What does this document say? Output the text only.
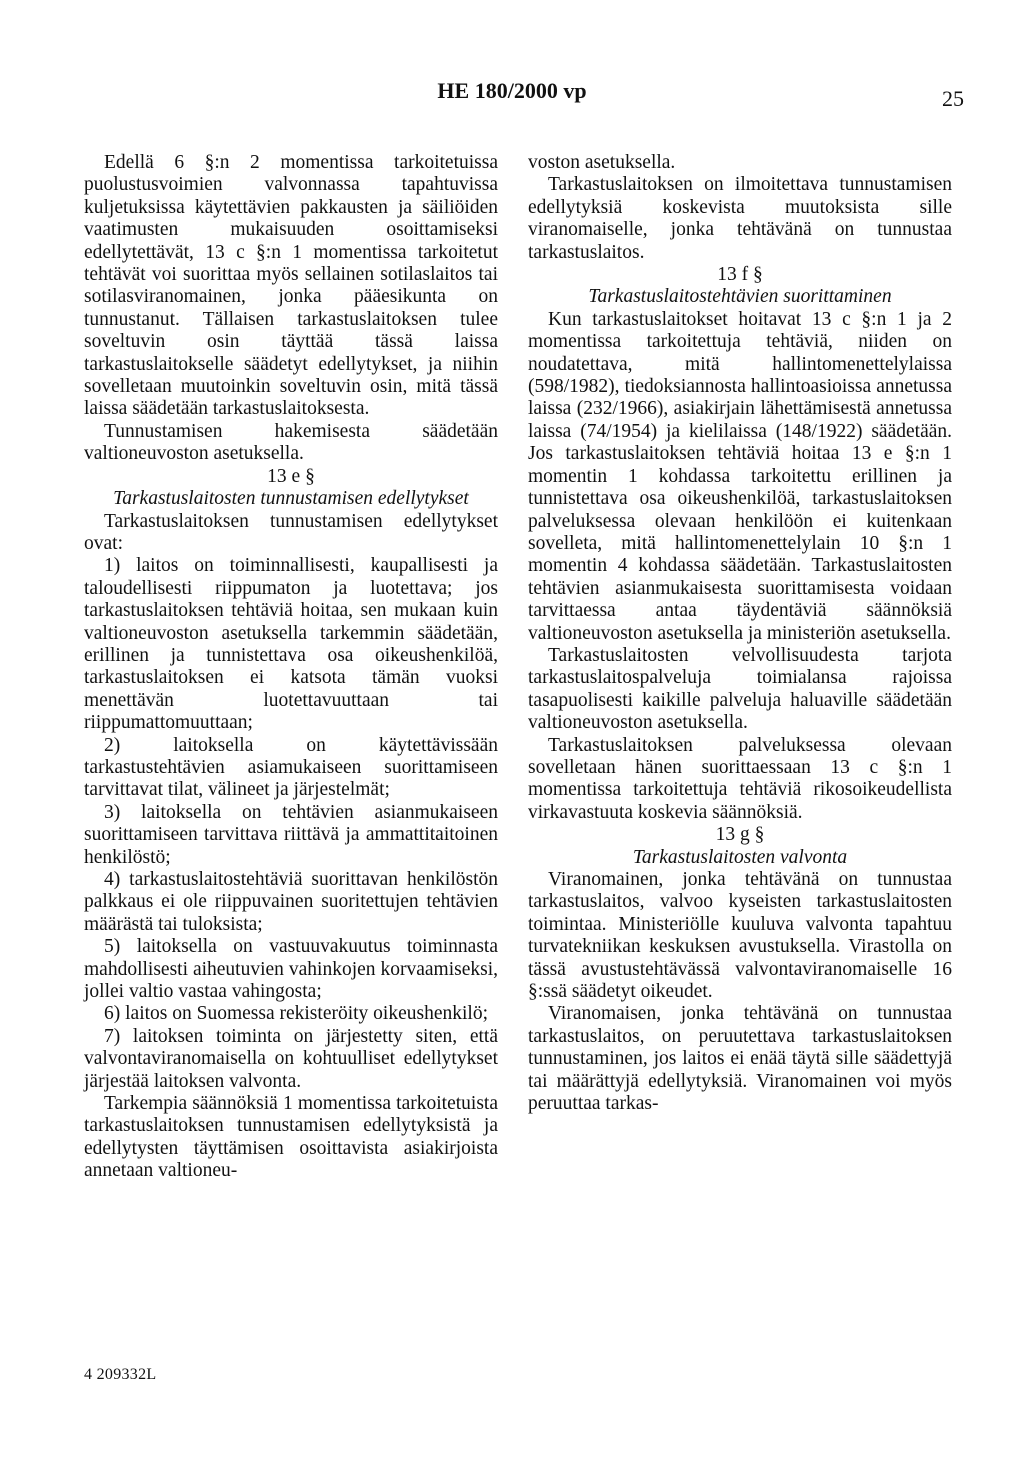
HE 180/2000 vp	25

Edellä 6 §:n 2 momentissa tarkoitetuissa puolustusvoimien valvonnassa tapahtuvissa kuljetuksissa käytettävien pakkausten ja säiliöiden vaatimusten mukaisuuden osoittamiseksi edellytettävät, 13 c §:n 1 momentissa tarkoitetut tehtävät voi suorittaa myös sellainen sotilaslaitos tai sotilasviranomainen, jonka pääesikunta on tunnustanut. Tällaisen tarkastuslaitoksen tulee soveltuvin osin täyttää tässä laissa tarkastuslaitokselle säädetyt edellytykset, ja niihin sovelletaan muutoinkin soveltuvin osin, mitä tässä laissa säädetään tarkastuslaitoksesta.

Tunnustamisen hakemisesta säädetään valtioneuvoston asetuksella.

13 e §

Tarkastuslaitosten tunnustamisen edellytykset

Tarkastuslaitoksen tunnustamisen edellytykset ovat:

1) laitos on toiminnallisesti, kaupallisesti ja taloudellisesti riippumaton ja luotettava; jos tarkastuslaitoksen tehtäviä hoitaa, sen mukaan kuin valtioneuvoston asetuksella tarkemmin säädetään, erillinen ja tunnistettava osa oikeushenkilöä, tarkastuslaitoksen ei katsota tämän vuoksi menettävän luotettavuuttaan tai riippumattomuuttaan;

2) laitoksella on käytettävissään tarkastustehtävien asiamukaiseen suorittamiseen tarvittavat tilat, välineet ja järjestelmät;

3) laitoksella on tehtävien asianmukaiseen suorittamiseen tarvittava riittävä ja ammattitaitoinen henkilöstö;

4) tarkastuslaitostehtäviä suorittavan henkilöstön palkkaus ei ole riippuvainen suoritettujen tehtävien määrästä tai tuloksista;

5) laitoksella on vastuuvakuutus toiminnasta mahdollisesti aiheutuvien vahinkojen korvaamiseksi, jollei valtio vastaa vahingosta;

6) laitos on Suomessa rekisteröity oikeushenkilö;

7) laitoksen toiminta on järjestetty siten, että valvontaviranomaisella on kohtuulliset edellytykset järjestää laitoksen valvonta.

Tarkempia säännöksiä 1 momentissa tarkoitetuista tarkastuslaitoksen tunnustamisen edellytyksistä ja edellytysten täyttämisen osoittavista asiakirjoista annetaan valtioneu-

voston asetuksella.

Tarkastuslaitoksen on ilmoitettava tunnustamisen edellytyksiä koskevista muutoksista sille viranomaiselle, jonka tehtävänä on tunnustaa tarkastuslaitos.

13 f §

Tarkastuslaitostehtävien suorittaminen

Kun tarkastuslaitokset hoitavat 13 c §:n 1 ja 2 momentissa tarkoitettuja tehtäviä, niiden on noudatettava, mitä hallintomenettelylaissa (598/1982), tiedoksiannosta hallintoasioissa annetussa laissa (232/1966), asiakirjain lähettämisestä annetussa laissa (74/1954) ja kielilaissa (148/1922) säädetään. Jos tarkastuslaitoksen tehtäviä hoitaa 13 e §:n 1 momentin 1 kohdassa tarkoitettu erillinen ja tunnistettava osa oikeushenkilöä, tarkastuslaitoksen palveluksessa olevaan henkilöön ei kuitenkaan sovelleta, mitä hallintomenettelylain 10 §:n 1 momentin 4 kohdassa säädetään. Tarkastuslaitosten tehtävien asianmukaisesta suorittamisesta voidaan tarvittaessa antaa täydentäviä säännöksiä valtioneuvoston asetuksella ja ministeriön asetuksella.

Tarkastuslaitosten velvollisuudesta tarjota tarkastuslaitospalveluja toimialansa rajoissa tasapuolisesti kaikille palveluja haluaville säädetään valtioneuvoston asetuksella.

Tarkastuslaitoksen palveluksessa olevaan sovelletaan hänen suorittaessaan 13 c §:n 1 momentissa tarkoitettuja tehtäviä rikosoikeudellista virkavastuuta koskevia säännöksiä.

13 g §

Tarkastuslaitosten valvonta

Viranomainen, jonka tehtävänä on tunnustaa tarkastuslaitos, valvoo kyseisten tarkastuslaitosten toimintaa. Ministeriölle kuuluva valvonta tapahtuu turvatekniikan keskuksen avustuksella. Virastolla on tässä avustustehtävässä valvontaviranomaiselle 16 §:ssä säädetyt oikeudet.

Viranomaisen, jonka tehtävänä on tunnustaa tarkastuslaitos, on peruutettava tarkastuslaitoksen tunnustaminen, jos laitos ei enää täytä sille säädettyjä tai määrättyjä edellytyksiä. Viranomainen voi myös peruuttaa tarkas-

4 209332L
